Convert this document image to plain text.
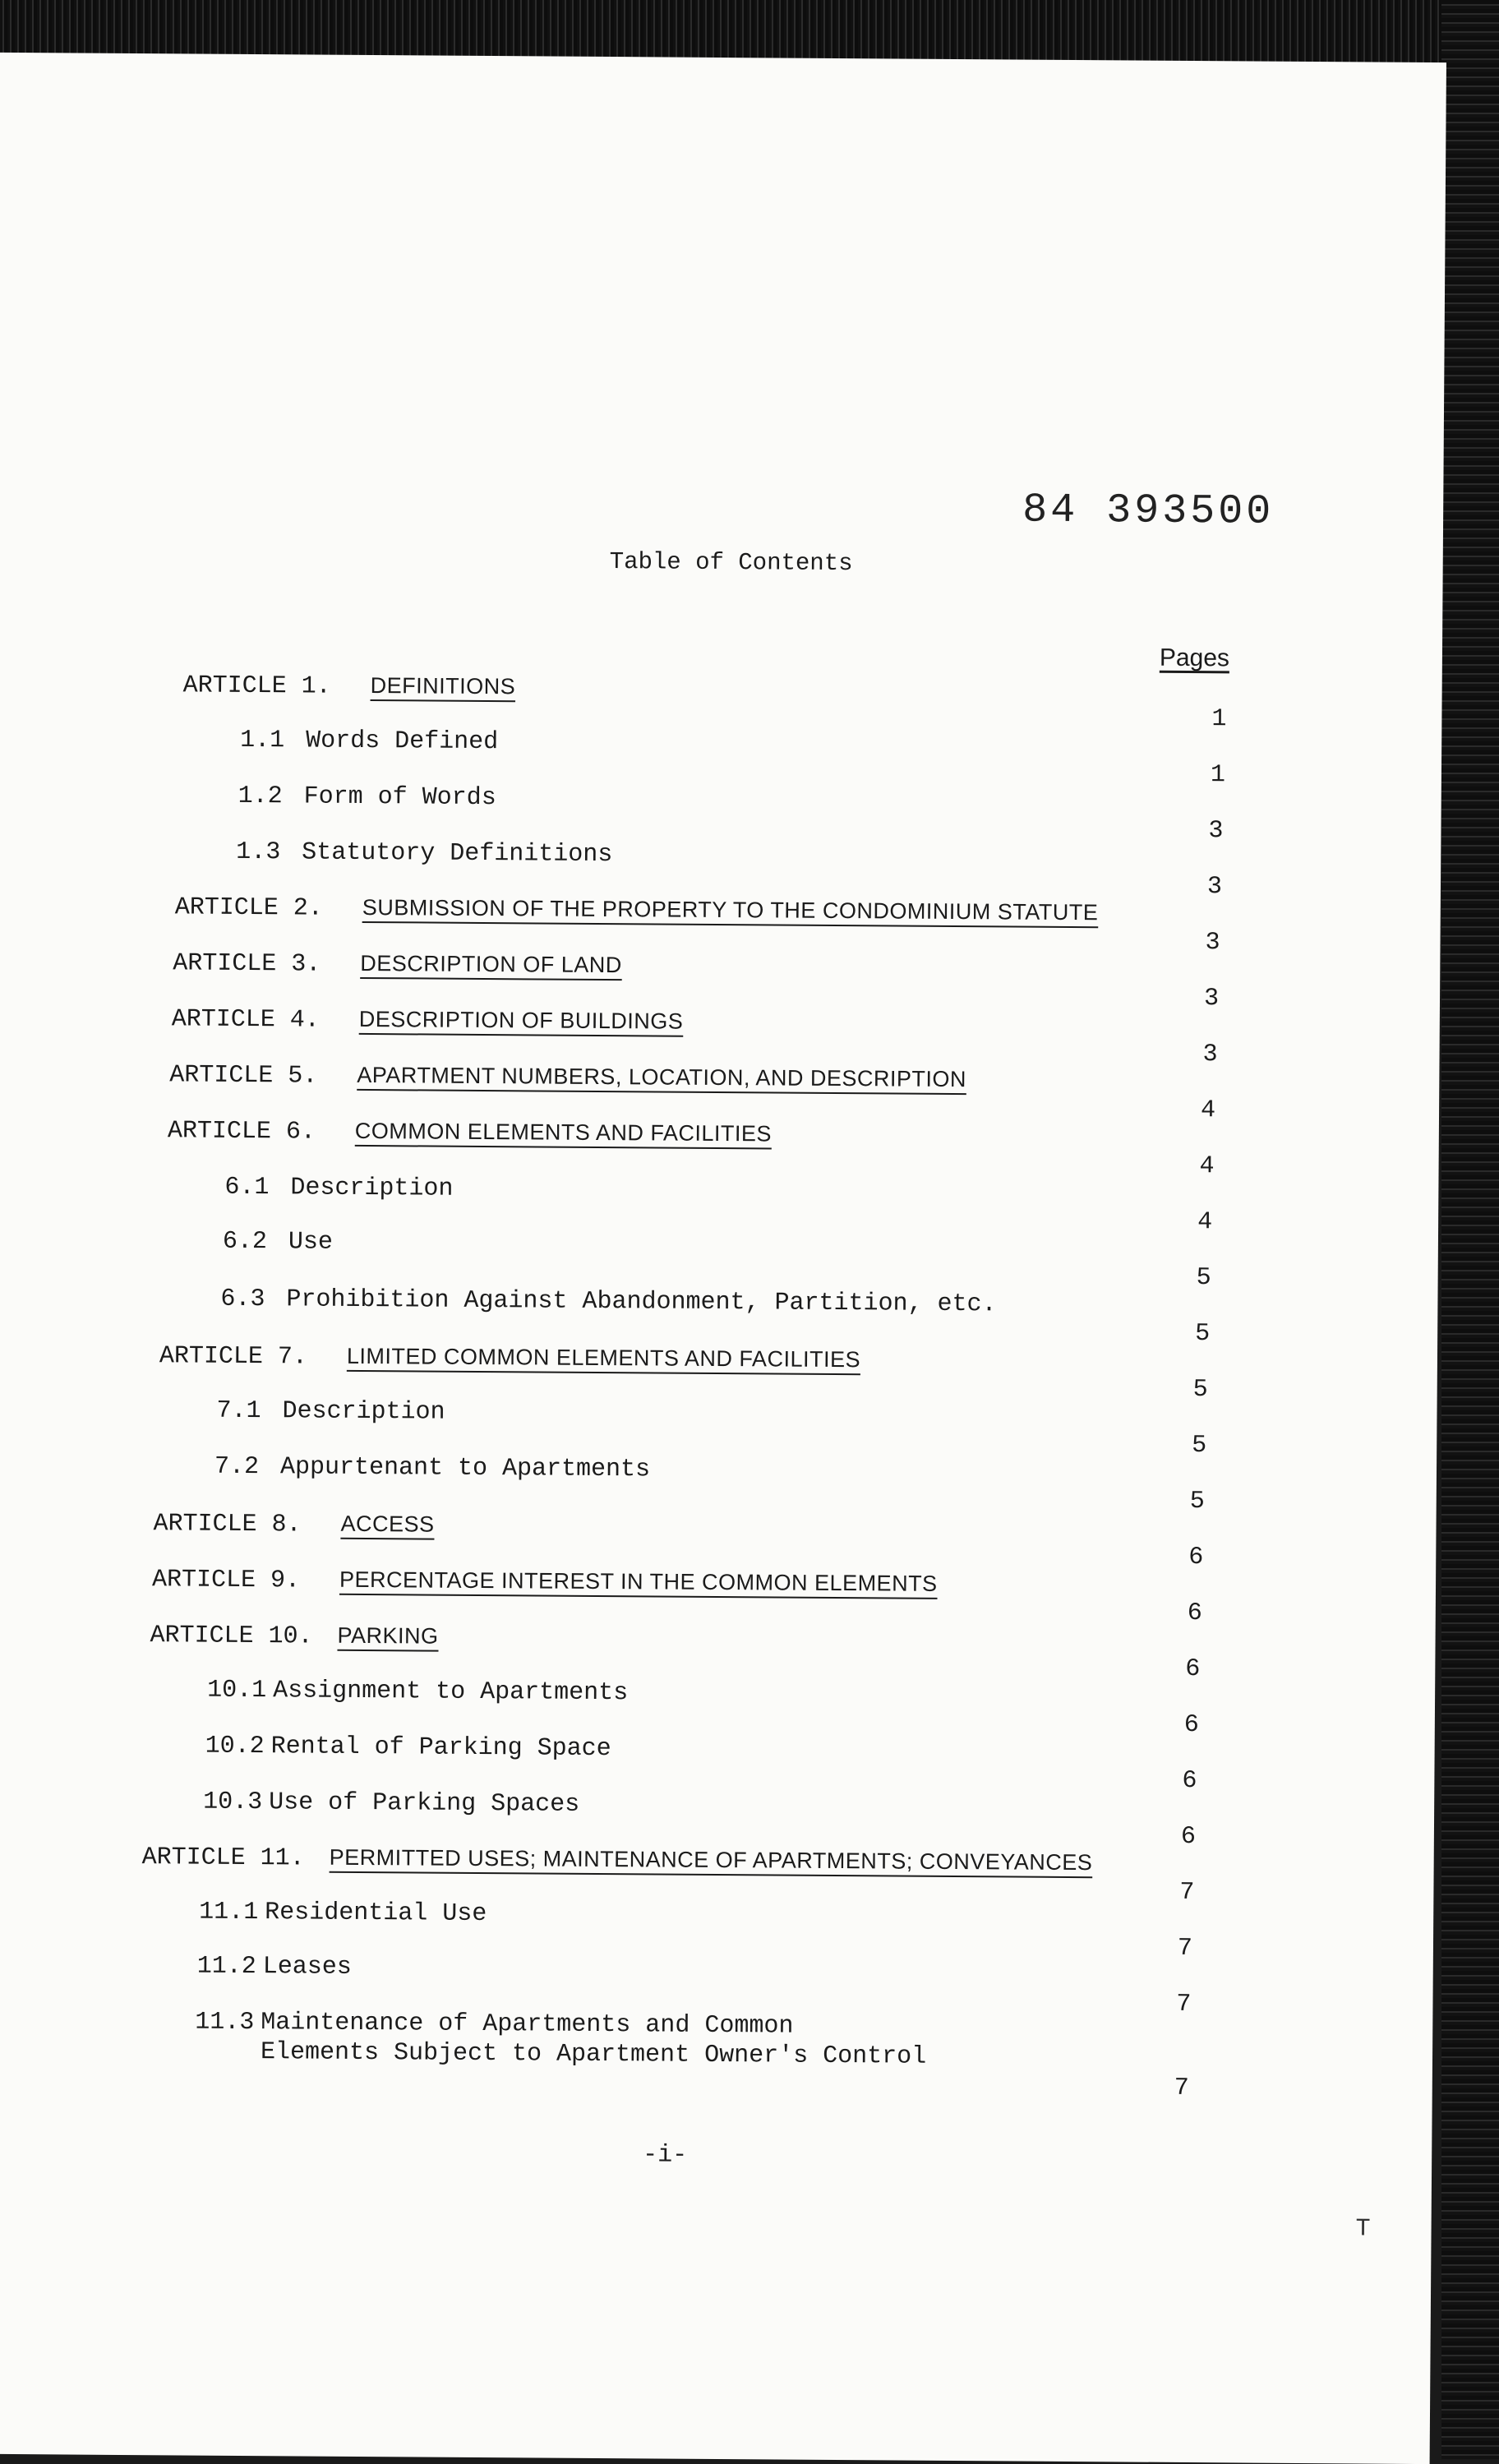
84 393500
Table of Contents
Pages
ARTICLE 1. DEFINITIONS
1.1 Words Defined
1.2 Form of Words
1.3 Statutory Definitions
ARTICLE 2. SUBMISSION OF THE PROPERTY TO THE CONDOMINIUM STATUTE
ARTICLE 3. DESCRIPTION OF LAND
ARTICLE 4. DESCRIPTION OF BUILDINGS
ARTICLE 5. APARTMENT NUMBERS, LOCATION, AND DESCRIPTION
ARTICLE 6. COMMON ELEMENTS AND FACILITIES
6.1 Description
6.2 Use
6.3 Prohibition Against Abandonment, Partition, etc.
ARTICLE 7. LIMITED COMMON ELEMENTS AND FACILITIES
7.1 Description
7.2 Appurtenant to Apartments
ARTICLE 8. ACCESS
ARTICLE 9. PERCENTAGE INTEREST IN THE COMMON ELEMENTS
ARTICLE 10. PARKING
10.1 Assignment to Apartments
10.2 Rental of Parking Space
10.3 Use of Parking Spaces
ARTICLE 11. PERMITTED USES; MAINTENANCE OF APARTMENTS; CONVEYANCES
11.1 Residential Use
11.2 Leases
11.3 Maintenance of Apartments and Common
Elements Subject to Apartment Owner's Control
1
1
3
3
3
3
3
4
4
4
5
5
5
5
5
6
6
6
6
6
6
7
7
7
7
-i-
T
